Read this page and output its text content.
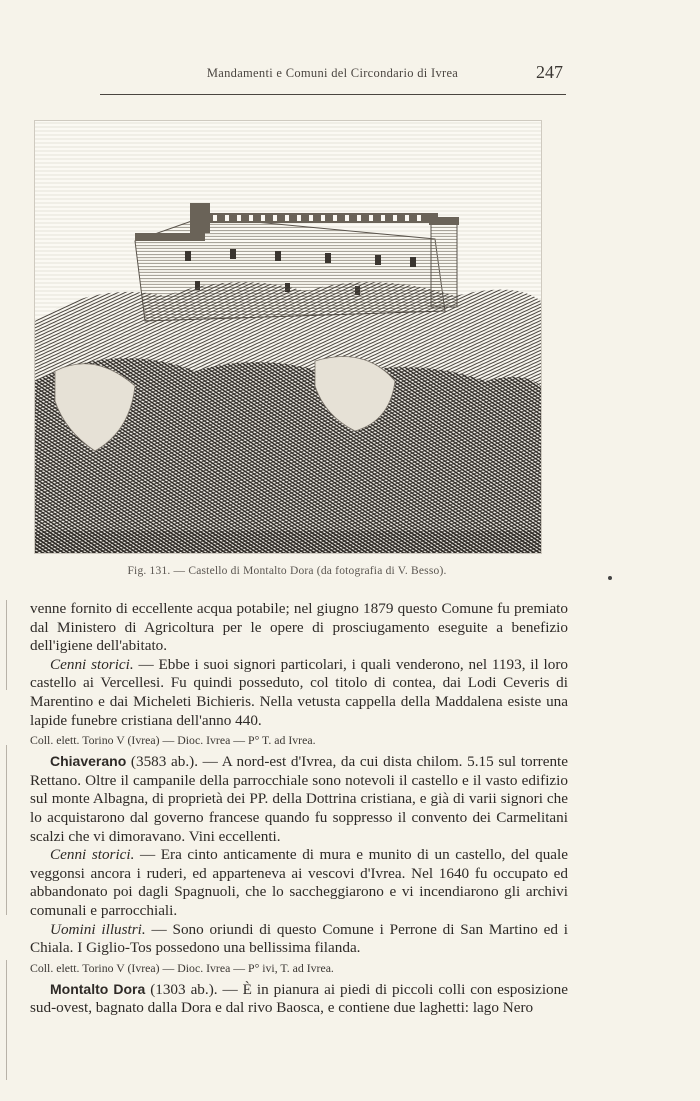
Mandamenti e Comuni del Circondario di Ivrea	247
Fig. 131. — Castello di Montalto Dora (da fotografia di V. Besso).

venne fornito di eccellente acqua potabile; nel giugno 1879 questo Comune fu premiato dal Ministero di Agricoltura per le opere di prosciugamento eseguite a benefizio dell'igiene dell'abitato.

Cenni storici. — Ebbe i suoi signori particolari, i quali venderono, nel 1193, il loro castello ai Vercellesi. Fu quindi posseduto, col titolo di contea, dai Lodi Ceveris di Marentino e dai Micheleti Bichieris. Nella vetusta cappella della Maddalena esiste una lapide funebre cristiana dell'anno 440.

Coll. elett. Torino V (Ivrea) — Dioc. Ivrea — P° T. ad Ivrea.

Chiaverano (3583 ab.). — A nord-est d'Ivrea, da cui dista chilom. 5.15 sul torrente Rettano. Oltre il campanile della parrocchiale sono notevoli il castello e il vasto edifizio sul monte Albagna, di proprietà dei PP. della Dottrina cristiana, e già di varii signori che lo acquistarono dal governo francese quando fu soppresso il convento dei Carmelitani scalzi che vi dimoravano. Vini eccellenti.

Cenni storici. — Era cinto anticamente di mura e munito di un castello, del quale veggonsi ancora i ruderi, ed apparteneva ai vescovi d'Ivrea. Nel 1640 fu occupato ed abbandonato poi dagli Spagnuoli, che lo saccheggiarono e vi incendiarono gli archivi comunali e parrocchiali.

Uomini illustri. — Sono oriundi di questo Comune i Perrone di San Martino ed i Chiala. I Giglio-Tos possedono una bellissima filanda.

Coll. elett. Torino V (Ivrea) — Dioc. Ivrea — P° ivi, T. ad Ivrea.

Montalto Dora (1303 ab.). — È in pianura ai piedi di piccoli colli con esposizione sud-ovest, bagnato dalla Dora e dal rivo Baosca, e contiene due laghetti: lago Nero
